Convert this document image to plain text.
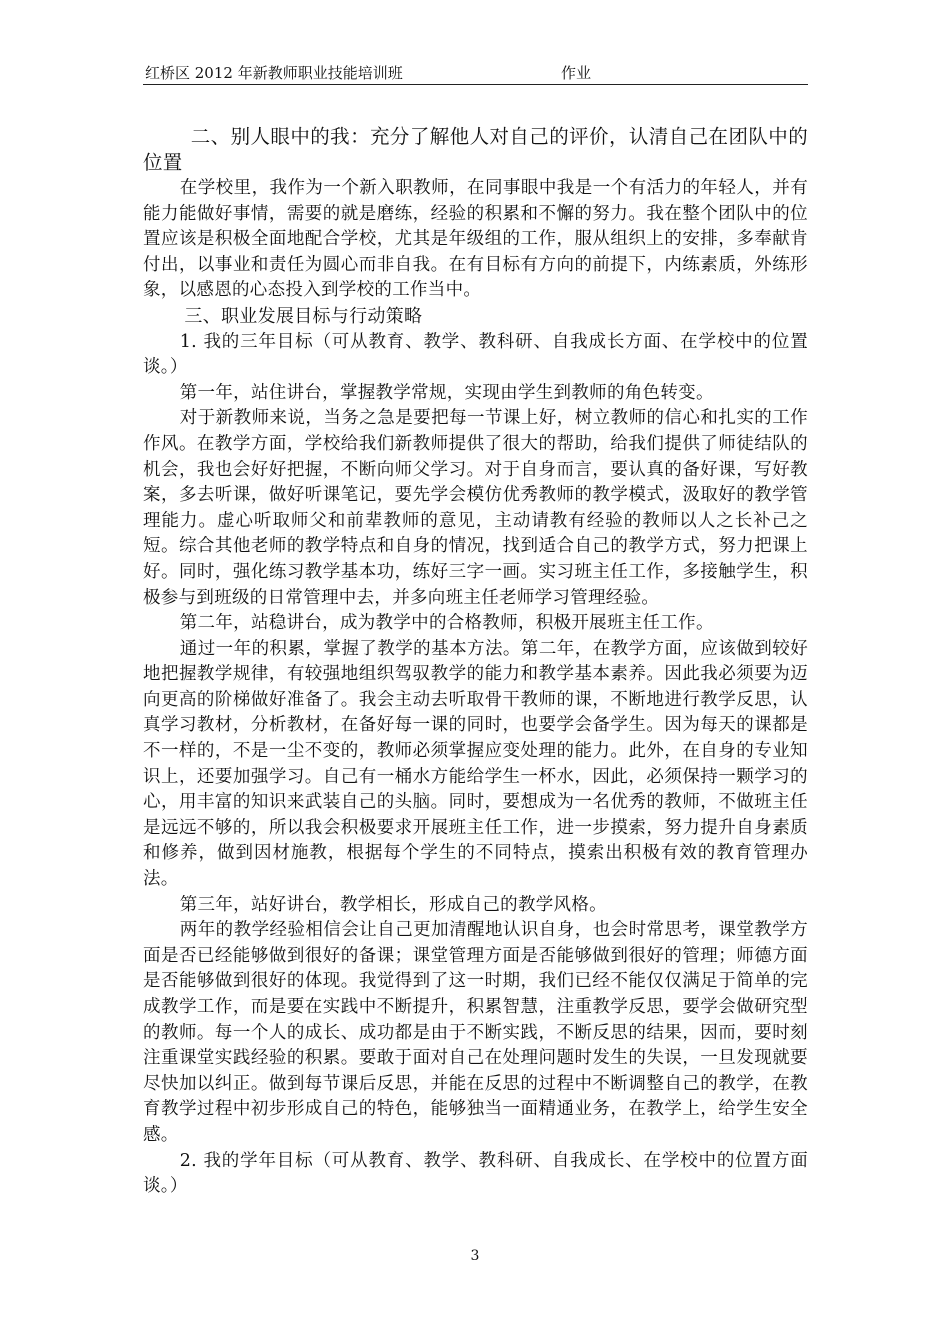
红桥区 2012 年新教师职业技能培训班	作业

二、别人眼中的我：充分了解他人对自己的评价，认清自己在团队中的位置

在学校里，我作为一个新入职教师，在同事眼中我是一个有活力的年轻人，并有能力能做好事情，需要的就是磨练，经验的积累和不懈的努力。我在整个团队中的位置应该是积极全面地配合学校，尤其是年级组的工作，服从组织上的安排，多奉献肯付出，以事业和责任为圆心而非自我。在有目标有方向的前提下，内练素质，外练形象，以感恩的心态投入到学校的工作当中。

三、职业发展目标与行动策略

1. 我的三年目标（可从教育、教学、教科研、自我成长方面、在学校中的位置谈。）

第一年，站住讲台，掌握教学常规，实现由学生到教师的角色转变。

对于新教师来说，当务之急是要把每一节课上好，树立教师的信心和扎实的工作作风。在教学方面，学校给我们新教师提供了很大的帮助，给我们提供了师徒结队的机会，我也会好好把握，不断向师父学习。对于自身而言，要认真的备好课，写好教案，多去听课，做好听课笔记，要先学会模仿优秀教师的教学模式，汲取好的教学管理能力。虚心听取师父和前辈教师的意见，主动请教有经验的教师以人之长补己之短。综合其他老师的教学特点和自身的情况，找到适合自己的教学方式，努力把课上好。同时，强化练习教学基本功，练好三字一画。实习班主任工作，多接触学生，积极参与到班级的日常管理中去，并多向班主任老师学习管理经验。

第二年，站稳讲台，成为教学中的合格教师，积极开展班主任工作。

通过一年的积累，掌握了教学的基本方法。第二年，在教学方面，应该做到较好地把握教学规律，有较强地组织驾驭教学的能力和教学基本素养。因此我必须要为迈向更高的阶梯做好准备了。我会主动去听取骨干教师的课，不断地进行教学反思，认真学习教材，分析教材，在备好每一课的同时，也要学会备学生。因为每天的课都是不一样的，不是一尘不变的，教师必须掌握应变处理的能力。此外，在自身的专业知识上，还要加强学习。自己有一桶水方能给学生一杯水，因此，必须保持一颗学习的心，用丰富的知识来武装自己的头脑。同时，要想成为一名优秀的教师，不做班主任是远远不够的，所以我会积极要求开展班主任工作，进一步摸索，努力提升自身素质和修养，做到因材施教，根据每个学生的不同特点，摸索出积极有效的教育管理办法。

第三年，站好讲台，教学相长，形成自己的教学风格。

两年的教学经验相信会让自己更加清醒地认识自身，也会时常思考，课堂教学方面是否已经能够做到很好的备课；课堂管理方面是否能够做到很好的管理；师德方面是否能够做到很好的体现。我觉得到了这一时期，我们已经不能仅仅满足于简单的完成教学工作，而是要在实践中不断提升，积累智慧，注重教学反思，要学会做研究型的教师。每一个人的成长、成功都是由于不断实践，不断反思的结果，因而，要时刻注重课堂实践经验的积累。要敢于面对自己在处理问题时发生的失误，一旦发现就要尽快加以纠正。做到每节课后反思，并能在反思的过程中不断调整自己的教学，在教育教学过程中初步形成自己的特色，能够独当一面精通业务，在教学上，给学生安全感。

2. 我的学年目标（可从教育、教学、教科研、自我成长、在学校中的位置方面谈。）

3
